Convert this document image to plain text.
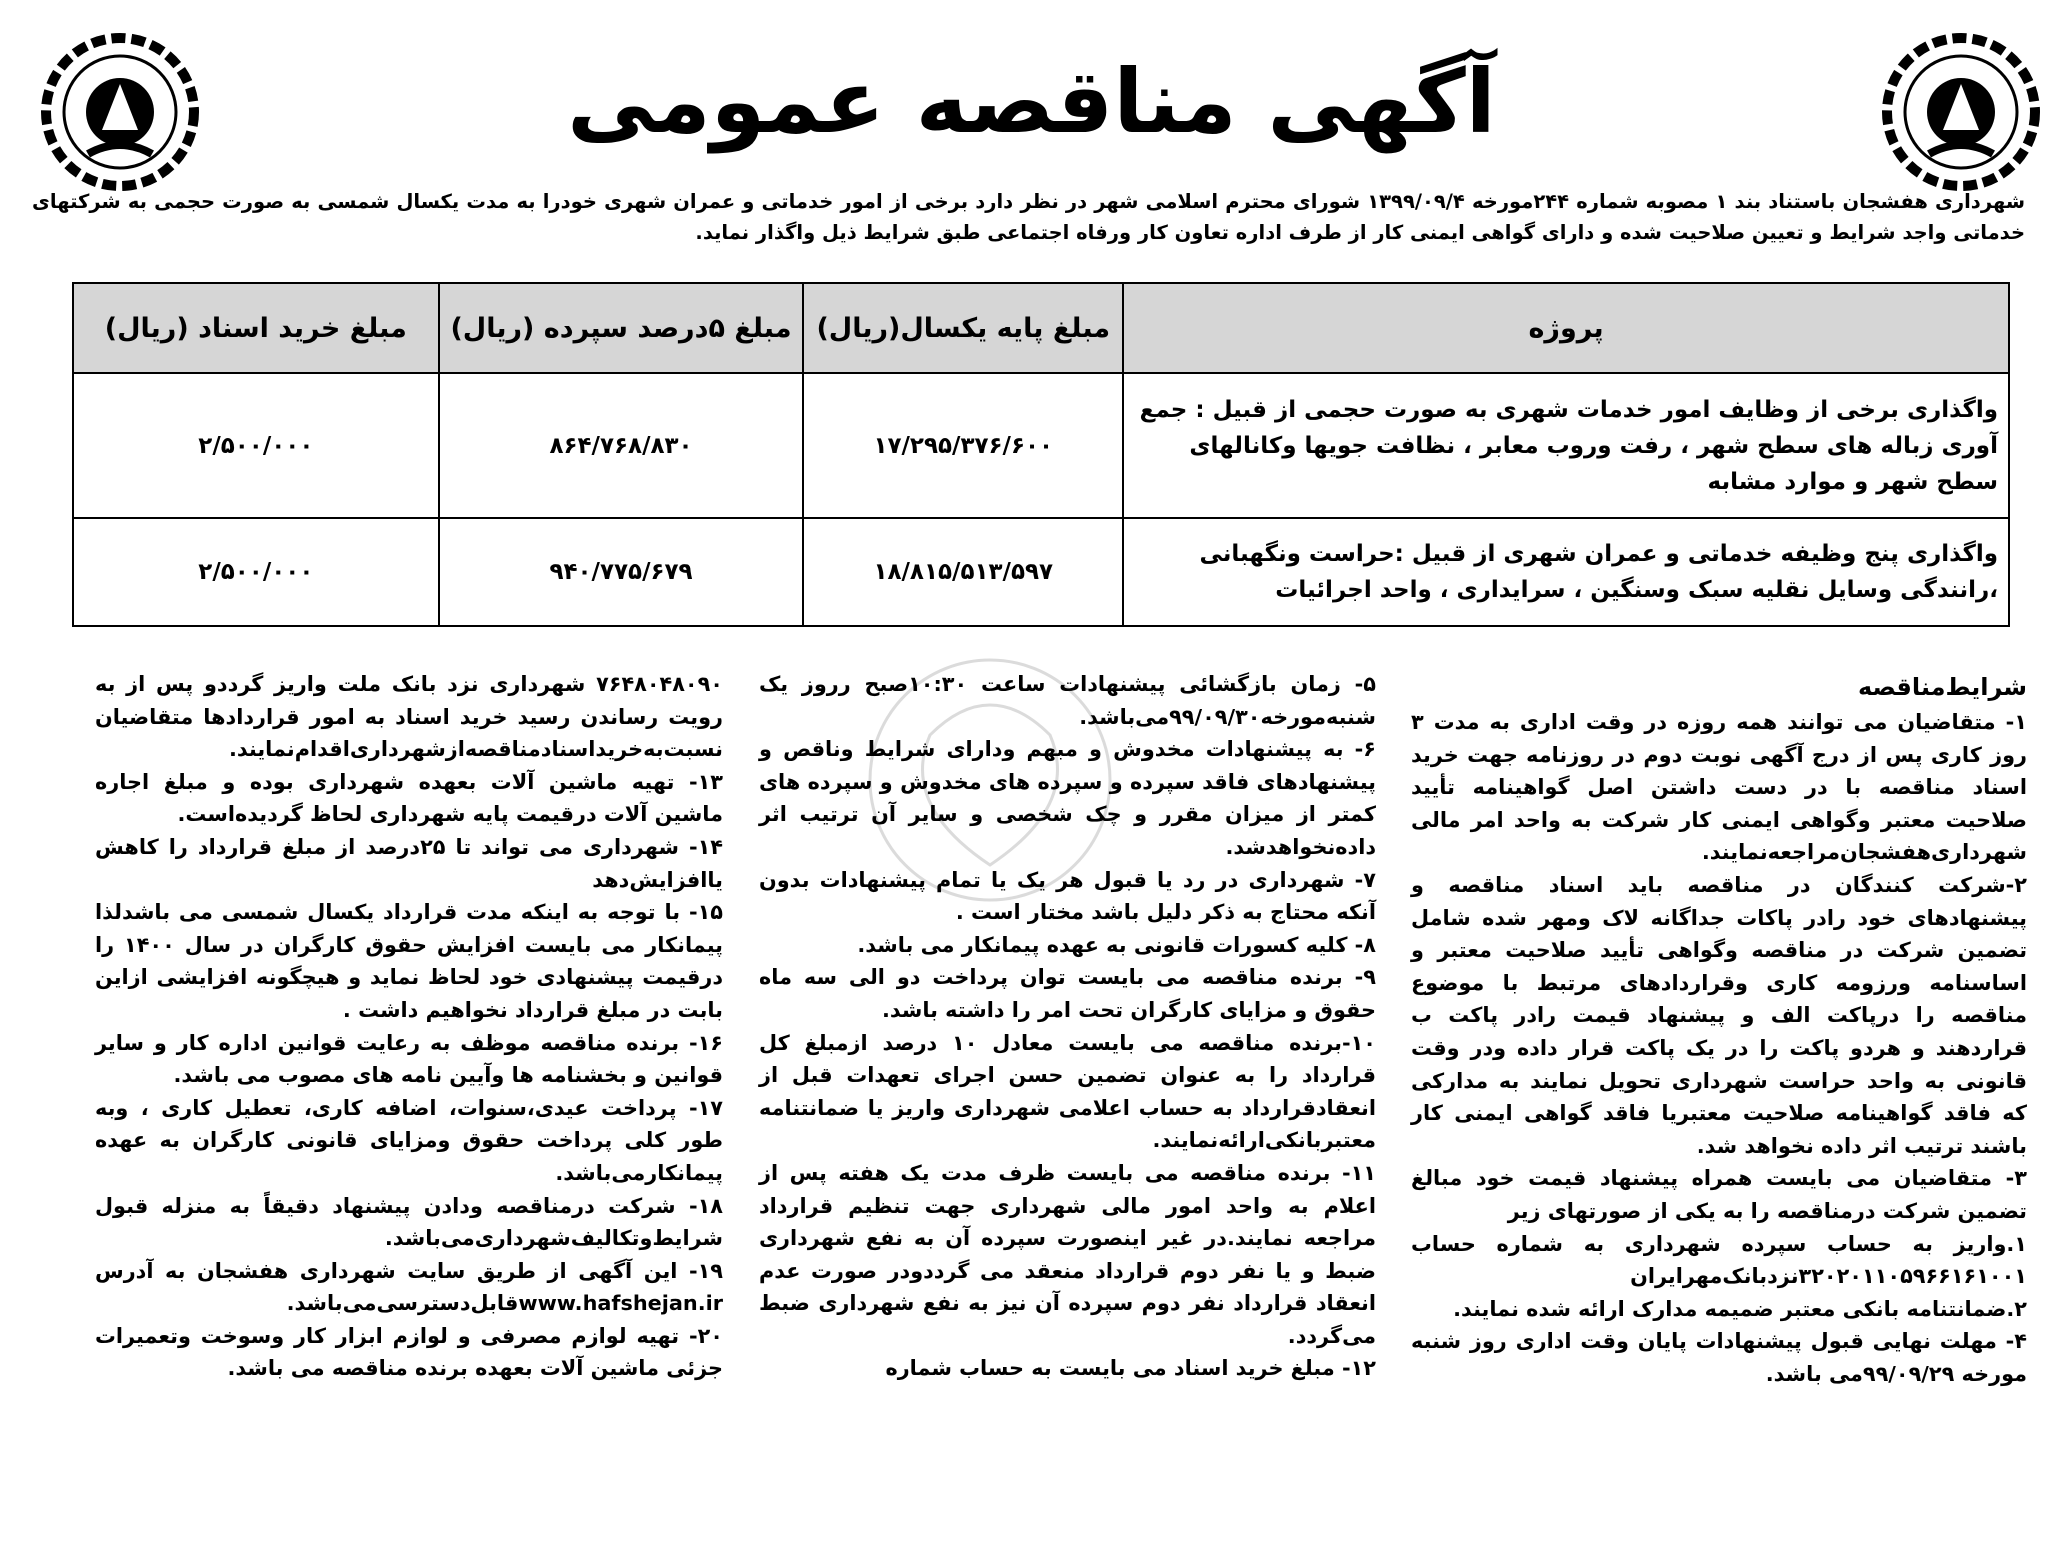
آگهی مناقصه عمومی
شهرداری هفشجان باستناد بند ۱ مصوبه شماره ۲۴۴مورخه ۱۳۹۹/۰۹/۴ شورای محترم اسلامی شهر در نظر دارد برخی از امور خدماتی و عمران شهری خودرا به مدت یکسال شمسی به صورت حجمی به شرکتهای خدماتی واجد شرایط و تعیین صلاحیت شده و دارای گواهی ایمنی کار از طرف اداره تعاون کار ورفاه اجتماعی طبق شرایط ذیل واگذار نماید.
پروژه	مبلغ پایه یکسال(ریال)	مبلغ ۵درصد سپرده (ریال)	مبلغ خرید اسناد (ریال)
واگذاری برخی از وظایف امور خدمات شهری به صورت حجمی از قبیل : جمع آوری زباله های سطح شهر ، رفت وروب معابر ، نظافت جویها وکانالهای سطح شهر و موارد مشابه	۱۷/۲۹۵/۳۷۶/۶۰۰	۸۶۴/۷۶۸/۸۳۰	۲/۵۰۰/۰۰۰
واگذاری پنج وظیفه خدماتی و عمران شهری از قبیل :حراست ونگهبانی ،رانندگی وسایل نقلیه سبک وسنگین ، سرایداری ، واحد اجرائیات	۱۸/۸۱۵/۵۱۳/۵۹۷	۹۴۰/۷۷۵/۶۷۹	۲/۵۰۰/۰۰۰
شرایط‌مناقصه

۱- متقاضیان می توانند همه روزه در وقت اداری به مدت ۳ روز کاری پس از درج آگهی نوبت دوم در روزنامه جهت خرید اسناد مناقصه با در دست داشتن اصل گواهینامه تأیید صلاحیت معتبر وگواهی ایمنی کار شرکت به واحد امر مالی شهرداری‌هفشجان‌مراجعه‌نمایند.

۲-شرکت کنندگان در مناقصه باید اسناد مناقصه و پیشنهادهای خود رادر پاکات جداگانه لاک ومهر شده شامل تضمین شرکت در مناقصه وگواهی تأیید صلاحیت معتبر و اساسنامه ورزومه کاری وقراردادهای مرتبط با موضوع مناقصه را درپاکت الف و پیشنهاد قیمت رادر پاکت ب قراردهند و هردو پاکت را در یک پاکت قرار داده ودر وقت قانونی به واحد حراست شهرداری تحویل نمایند به مدارکی که فاقد گواهینامه صلاحیت معتبریا فاقد گواهی ایمنی کار باشند ترتیب اثر داده نخواهد شد.

۳- متقاضیان می بایست همراه پیشنهاد قیمت خود مبالغ تضمین شرکت درمناقصه را به یکی از صورتهای زیر

۱.واریز به حساب سپرده شهرداری به شماره حساب ۳۲۰۲۰۱۱۰۵۹۶۶۱۶۱۰۰۱نزدبانک‌مهرایران

۲.ضمانتنامه بانکی معتبر ضمیمه مدارک ارائه شده نمایند.

۴- مهلت نهایی قبول پیشنهادات پایان وقت اداری روز شنبه مورخه ۹۹/۰۹/۲۹می باشد.

۵- زمان بازگشائی پیشنهادات ساعت ۱۰:۳۰صبح رروز یک شنبه‌مورخه۹۹/۰۹/۳۰می‌باشد.

۶- به پیشنهادات مخدوش و مبهم ودارای شرایط وناقص و پیشنهادهای فاقد سپرده و سپرده های مخدوش و سپرده های کمتر از میزان مقرر و چک شخصی و سایر آن ترتیب اثر داده‌نخواهدشد.

۷- شهرداری در رد یا قبول هر یک یا تمام پیشنهادات بدون آنکه محتاج به ذکر دلیل باشد مختار است .

۸- کلیه کسورات قانونی به عهده پیمانکار می باشد.

۹- برنده مناقصه می بایست توان پرداخت دو الی سه ماه حقوق و مزایای کارگران تحت امر را داشته باشد.

۱۰-برنده مناقصه می بایست معادل ۱۰ درصد ازمبلغ کل قرارداد را به عنوان تضمین حسن اجرای تعهدات قبل از انعقادقرارداد به حساب اعلامی شهرداری واریز یا ضمانتنامه معتبربانکی‌ارائه‌نمایند.

۱۱- برنده مناقصه می بایست ظرف مدت یک هفته پس از اعلام به واحد امور مالی شهرداری جهت تنظیم قرارداد مراجعه نمایند.در غیر اینصورت سپرده آن به نفع شهرداری ضبط و یا نفر دوم قرارداد منعقد می گرددودر صورت عدم انعقاد قرارداد نفر دوم سپرده آن نیز به نفع شهرداری ضبط می‌گردد.

۱۲- مبلغ خرید اسناد می بایست به حساب شماره

۷۶۴۸۰۴۸۰۹۰ شهرداری نزد بانک ملت واریز گرددو پس از به رویت رساندن رسید خرید اسناد به امور قراردادها متقاضیان نسبت‌به‌خریداسنادمناقصه‌ازشهرداری‌اقدام‌نمایند.

۱۳- تهیه ماشین آلات بعهده شهرداری بوده و مبلغ اجاره ماشین آلات درقیمت پایه شهرداری لحاظ گردیده‌است.

۱۴- شهرداری می تواند تا ۲۵درصد از مبلغ قرارداد را کاهش یاافزایش‌دهد

۱۵- با توجه به اینکه مدت قرارداد یکسال شمسی می باشدلذا پیمانکار می بایست افزایش حقوق کارگران در سال ۱۴۰۰ را درقیمت پیشنهادی خود لحاظ نماید و هیچگونه افزایشی ازاین بابت در مبلغ قرارداد نخواهیم داشت .

۱۶- برنده مناقصه موظف به رعایت قوانین اداره کار و سایر قوانین و بخشنامه ها وآیین نامه های مصوب می باشد.

۱۷- پرداخت عیدی،سنوات، اضافه کاری، تعطیل کاری ، وبه طور کلی پرداخت حقوق ومزایای قانونی کارگران به عهده پیمانکارمی‌باشد.

۱۸- شرکت درمناقصه ودادن پیشنهاد دقیقاً به منزله قبول شرایط‌وتکالیف‌شهرداری‌می‌باشد.

۱۹- این آگهی از طریق سایت شهرداری هفشجان به آدرس www.hafshejan.irقابل‌دسترسی‌می‌باشد.

۲۰- تهیه لوازم مصرفی و لوازم ابزار کار وسوخت وتعمیرات جزئی ماشین آلات بعهده برنده مناقصه می باشد.
